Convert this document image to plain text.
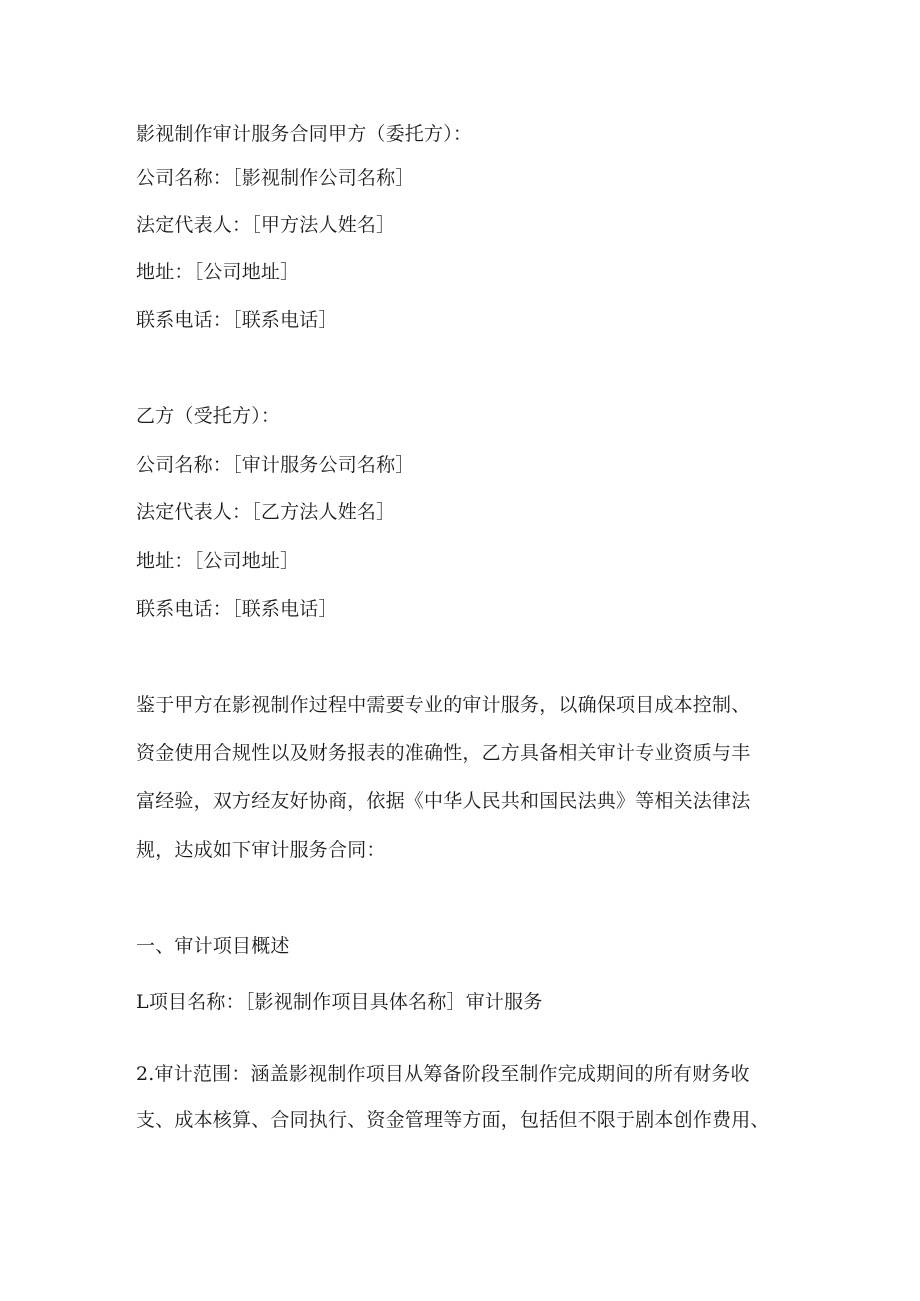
影视制作审计服务合同甲方（委托方）：
公司名称：［影视制作公司名称］
法定代表人：［甲方法人姓名］
地址：［公司地址］
联系电话：［联系电话］
乙方（受托方）：
公司名称：［审计服务公司名称］
法定代表人：［乙方法人姓名］
地址：［公司地址］
联系电话：［联系电话］
鉴于甲方在影视制作过程中需要专业的审计服务，以确保项目成本控制、
资金使用合规性以及财务报表的准确性，乙方具备相关审计专业资质与丰
富经验，双方经友好协商，依据《中华人民共和国民法典》等相关法律法
规，达成如下审计服务合同：
一、审计项目概述
L项目名称：［影视制作项目具体名称］审计服务
2.审计范围：涵盖影视制作项目从筹备阶段至制作完成期间的所有财务收
支、成本核算、合同执行、资金管理等方面，包括但不限于剧本创作费用、
